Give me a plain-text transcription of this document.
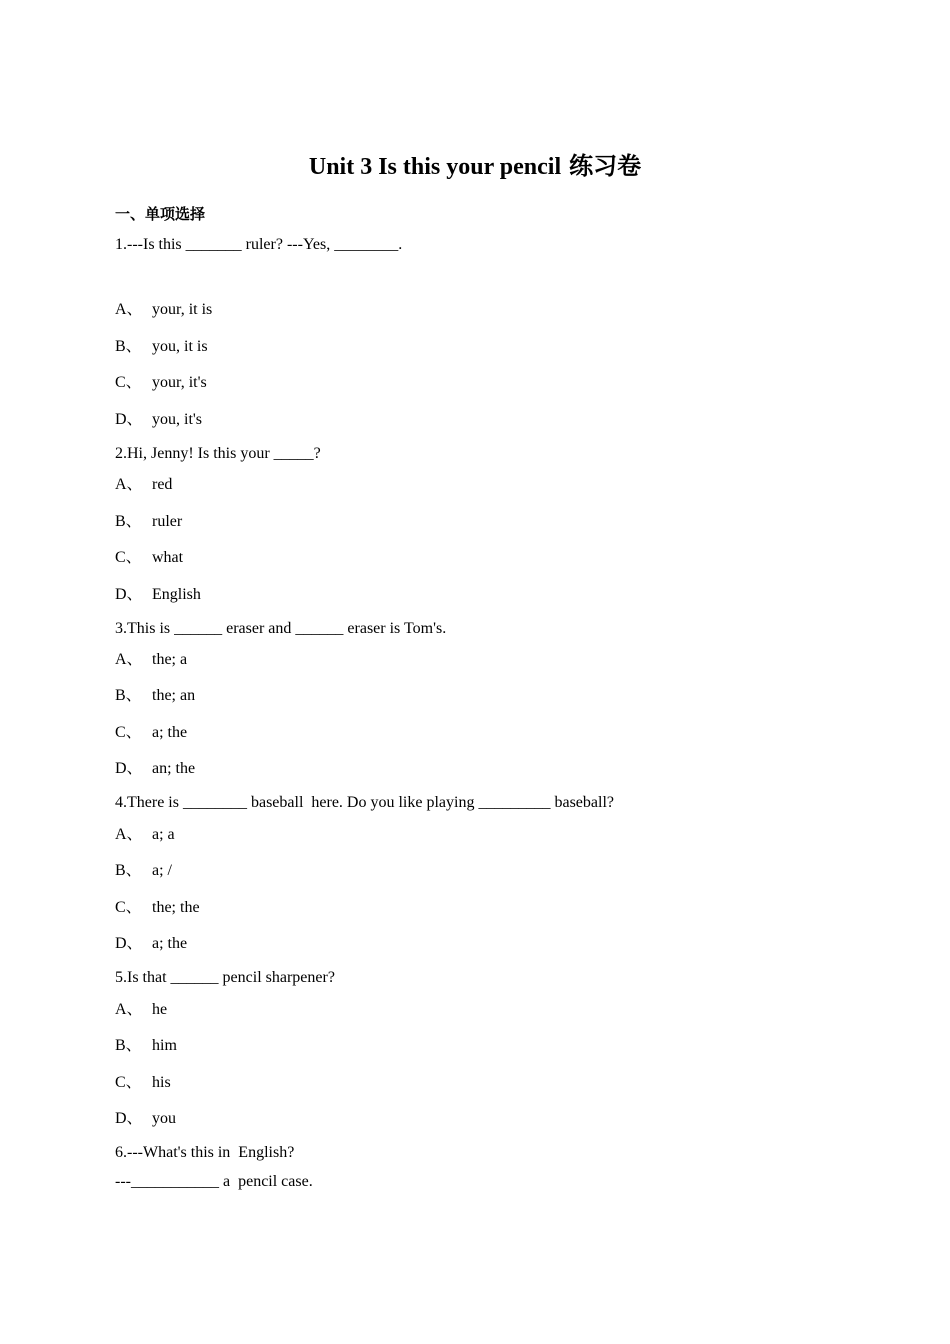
Unit 3 Is this your pencil 练习卷
一、单项选择
1.---Is this _______ ruler? ---Yes, ________.
A、 your, it is
B、 you, it is
C、 your, it's
D、 you, it's
2.Hi, Jenny! Is this your _____?
A、 red
B、 ruler
C、 what
D、 English
3.This is ______ eraser and ______ eraser is Tom's.
A、 the; a
B、 the; an
C、 a; the
D、 an; the
4.There is ________ baseball  here. Do you like playing _________ baseball?
A、 a; a
B、 a; /
C、 the; the
D、 a; the
5.Is that ______ pencil sharpener?
A、 he
B、 him
C、 his
D、 you
6.---What's this in  English?
---___________ a  pencil case.
